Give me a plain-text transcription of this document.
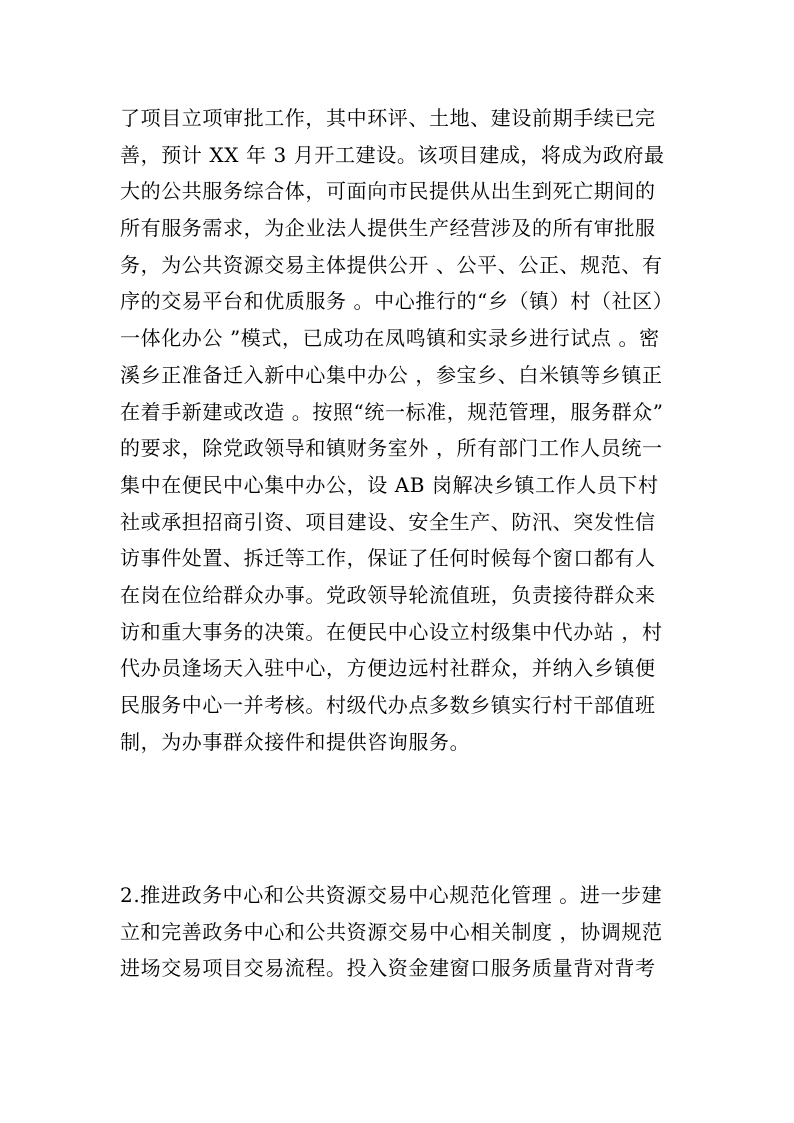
了项目立项审批工作，其中环评、土地、建设前期手续已完
善，预计 XX 年 3 月开工建设。该项目建成，将成为政府最
大的公共服务综合体，可面向市民提供从出生到死亡期间的
所有服务需求，为企业法人提供生产经营涉及的所有审批服
务，为公共资源交易主体提供公开 、公平、公正、规范、有
序的交易平台和优质服务 。中心推行的“乡（镇）村（社区）
一体化办公 ”模式，已成功在凤鸣镇和实录乡进行试点 。密
溪乡正准备迁入新中心集中办公 ，参宝乡、白米镇等乡镇正
在着手新建或改造 。按照“统一标准，规范管理，服务群众”
的要求，除党政领导和镇财务室外 ，所有部门工作人员统一
集中在便民中心集中办公，设 AB 岗解决乡镇工作人员下村
社或承担招商引资、项目建设、安全生产、防汛、突发性信
访事件处置、拆迁等工作，保证了任何时候每个窗口都有人
在岗在位给群众办事。党政领导轮流值班，负责接待群众来
访和重大事务的决策。在便民中心设立村级集中代办站 ，村
代办员逢场天入驻中心，方便边远村社群众，并纳入乡镇便
民服务中心一并考核。村级代办点多数乡镇实行村干部值班
制，为办事群众接件和提供咨询服务。
2.推进政务中心和公共资源交易中心规范化管理 。进一步建
立和完善政务中心和公共资源交易中心相关制度 ，协调规范
进场交易项目交易流程。投入资金建窗口服务质量背对背考
